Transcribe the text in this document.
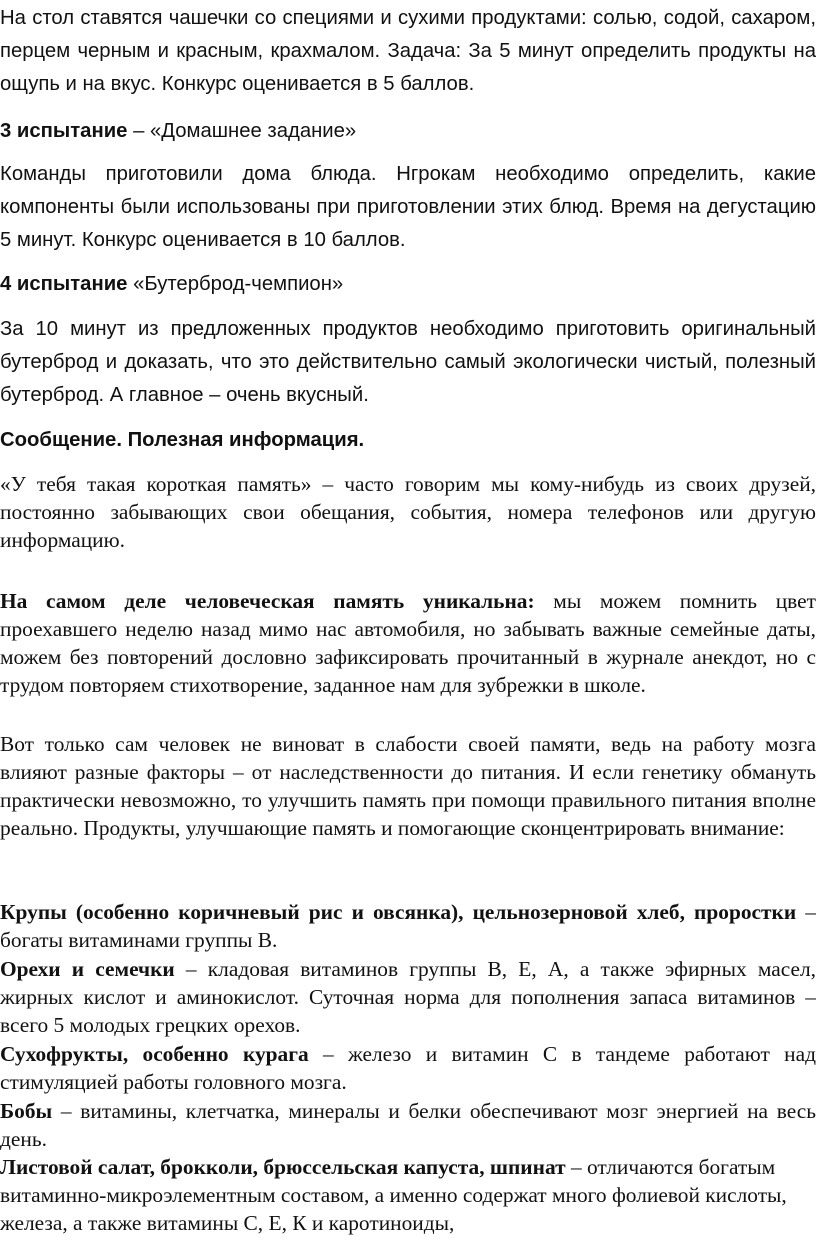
На стол ставятся чашечки со специями и сухими продуктами: солью, содой, сахаром, перцем черным и красным, крахмалом. Задача: За 5 минут определить продукты на ощупь и на вкус. Конкурс оценивается в 5 баллов.

3 испытание – «Домашнее задание»

Команды приготовили дома блюда. Нгрокам необходимо определить, какие компоненты были использованы при приготовлении этих блюд. Время на дегустацию 5 минут. Конкурс оценивается в 10 баллов.

4 испытание «Бутерброд-чемпион»

За 10 минут из предложенных продуктов необходимо приготовить оригинальный бутерброд и доказать, что это действительно самый экологически чистый, полезный бутерброд. А главное – очень вкусный.

Сообщение. Полезная информация.

«У тебя такая короткая память» – часто говорим мы кому-нибудь из своих друзей, постоянно забывающих свои обещания, события, номера телефонов или другую информацию.

На самом деле человеческая память уникальна: мы можем помнить цвет проехавшего неделю назад мимо нас автомобиля, но забывать важные семейные даты, можем без повторений дословно зафиксировать прочитанный в журнале анекдот, но с трудом повторяем стихотворение, заданное нам для зубрежки в школе.

Вот только сам человек не виноват в слабости своей памяти, ведь на работу мозга влияют разные факторы – от наследственности до питания. И если генетику обмануть практически невозможно, то улучшить память при помощи правильного питания вполне реально. Продукты, улучшающие память и помогающие сконцентрировать внимание:

Крупы (особенно коричневый рис и овсянка), цельнозерновой хлеб, проростки – богаты витаминами группы В.

Орехи и семечки – кладовая витаминов группы В, Е, А, а также эфирных масел, жирных кислот и аминокислот. Суточная норма для пополнения запаса витаминов – всего 5 молодых грецких орехов.

Сухофрукты, особенно курага – железо и витамин С в тандеме работают над стимуляцией работы головного мозга.

Бобы – витамины, клетчатка, минералы и белки обеспечивают мозг энергией на весь день.

Листовой салат, брокколи, брюссельская капуста, шпинат – отличаются богатым витаминно-микроэлементным составом, а именно содержат много фолиевой кислоты, железа, а также витамины С, Е, К и каротиноиды,
